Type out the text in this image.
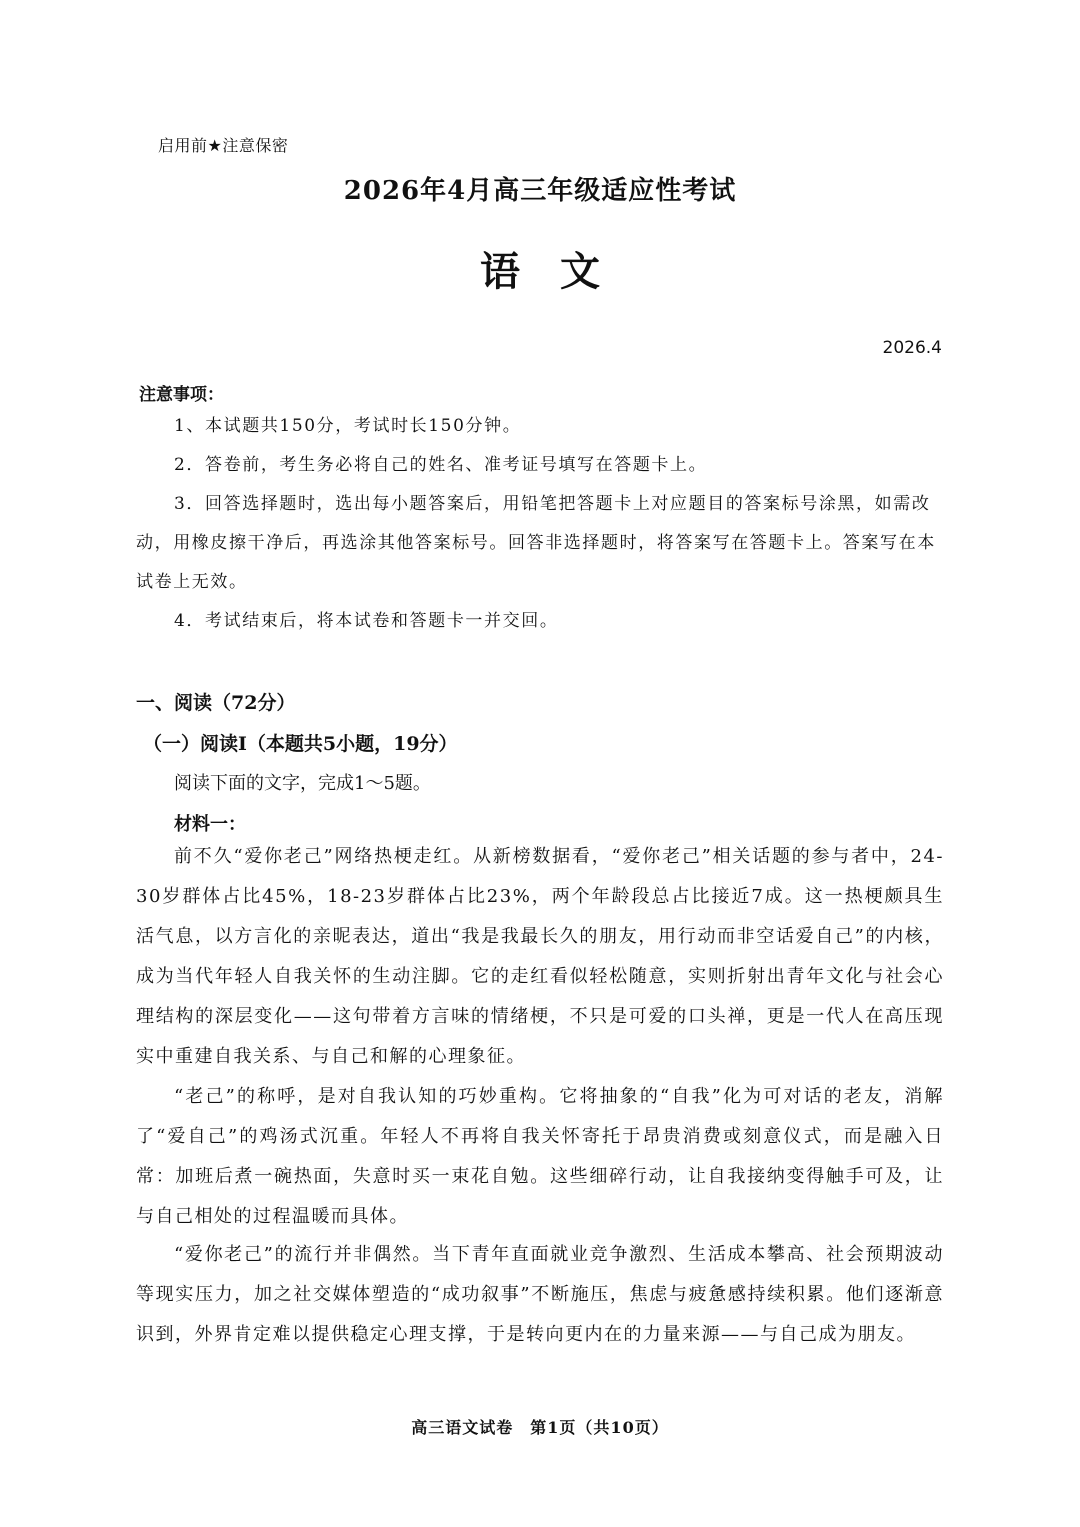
启用前★注意保密
2026年4月高三年级适应性考试
语文
2026.4
注意事项：

1、本试题共150分，考试时长150分钟。

2．答卷前，考生务必将自己的姓名、准考证号填写在答题卡上。

3．回答选择题时，选出每小题答案后，用铅笔把答题卡上对应题目的答案标号涂黑，如需改动，用橡皮擦干净后，再选涂其他答案标号。回答非选择题时，将答案写在答题卡上。答案写在本试卷上无效。

4．考试结束后，将本试卷和答题卡一并交回。

一、阅读（72分）
（一）阅读Ⅰ（本题共5小题，19分）
阅读下面的文字，完成1～5题。
材料一：

前不久“爱你老己”网络热梗走红。从新榜数据看，“爱你老己”相关话题的参与者中，24-30岁群体占比45%，18-23岁群体占比23%，两个年龄段总占比接近7成。这一热梗颇具生活气息，以方言化的亲昵表达，道出“我是我最长久的朋友，用行动而非空话爱自己”的内核，成为当代年轻人自我关怀的生动注脚。它的走红看似轻松随意，实则折射出青年文化与社会心理结构的深层变化——这句带着方言味的情绪梗，不只是可爱的口头禅，更是一代人在高压现实中重建自我关系、与自己和解的心理象征。

“老己”的称呼，是对自我认知的巧妙重构。它将抽象的“自我”化为可对话的老友，消解了“爱自己”的鸡汤式沉重。年轻人不再将自我关怀寄托于昂贵消费或刻意仪式，而是融入日常：加班后煮一碗热面，失意时买一束花自勉。这些细碎行动，让自我接纳变得触手可及，让与自己相处的过程温暖而具体。

“爱你老己”的流行并非偶然。当下青年直面就业竞争激烈、生活成本攀高、社会预期波动等现实压力，加之社交媒体塑造的“成功叙事”不断施压，焦虑与疲惫感持续积累。他们逐渐意识到，外界肯定难以提供稳定心理支撑，于是转向更内在的力量来源——与自己成为朋友。

高三语文试卷　第1页（共10页）
